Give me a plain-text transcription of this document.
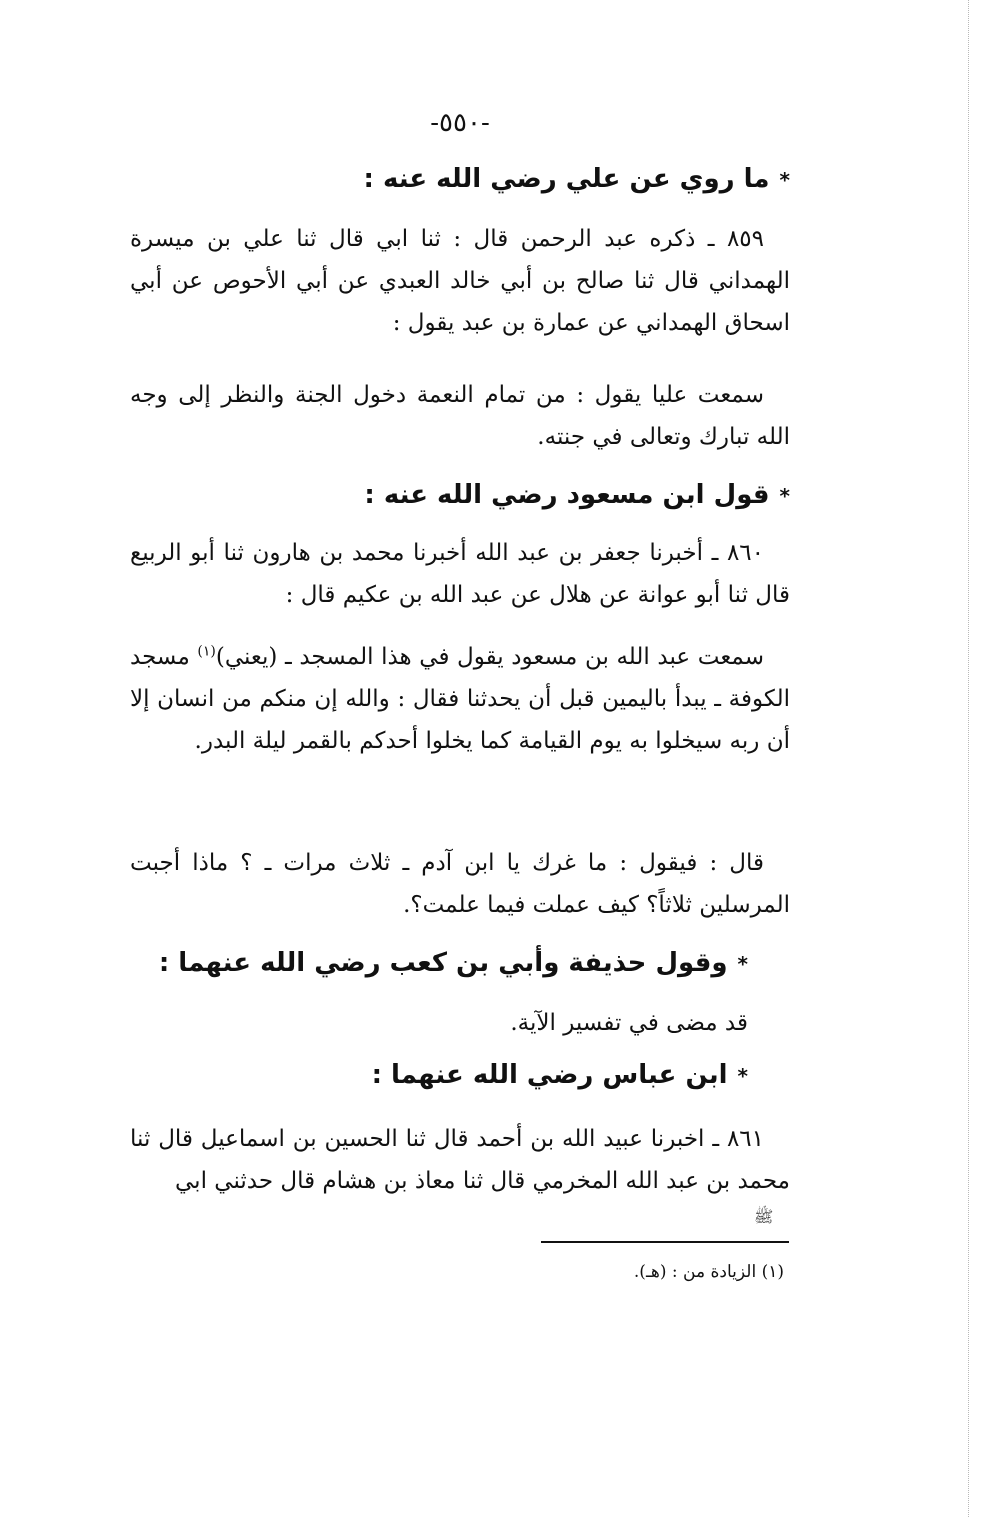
-٥٥٠-
*ما روي عن علي رضي الله عنه :
٨٥٩ ـ ذكره عبد الرحمن قال : ثنا ابي قال ثنا علي بن ميسرة الهمداني قال ثنا صالح بن أبي خالد العبدي عن أبي الأحوص عن أبي اسحاق الهمداني عن عمارة بن عبد يقول :
سمعت عليا يقول : من تمام النعمة دخول الجنة والنظر إلى وجه الله تبارك وتعالى في جنته.
*قول ابن مسعود رضي الله عنه :
٨٦٠ ـ أخبرنا جعفر بن عبد الله أخبرنا محمد بن هارون ثنا أبو الربيع قال ثنا أبو عوانة عن هلال عن عبد الله بن عكيم قال :
سمعت عبد الله بن مسعود يقول في هذا المسجد ـ (يعني)$^{(١)}$ مسجد الكوفة ـ يبدأ باليمين قبل أن يحدثنا فقال : والله إن منكم من انسان إلا أن ربه سيخلوا به يوم القيامة كما يخلوا أحدكم بالقمر ليلة البدر.
قال : فيقول : ما غرك يا ابن آدم ـ ثلاث مرات ـ ؟ ماذا أجبت المرسلين ثلاثاً؟ كيف عملت فيما علمت؟.
*وقول حذيفة وأبي بن كعب رضي الله عنهما :
قد مضى في تفسير الآية.
*ابن عباس رضي الله عنهما :
٨٦١ ـ اخبرنا عبيد الله بن أحمد قال ثنا الحسين بن اسماعيل قال ثنا محمد بن عبد الله المخرمي قال ثنا معاذ بن هشام قال حدثني ابي
ﷺ
(١) الزيادة من : (هـ).
